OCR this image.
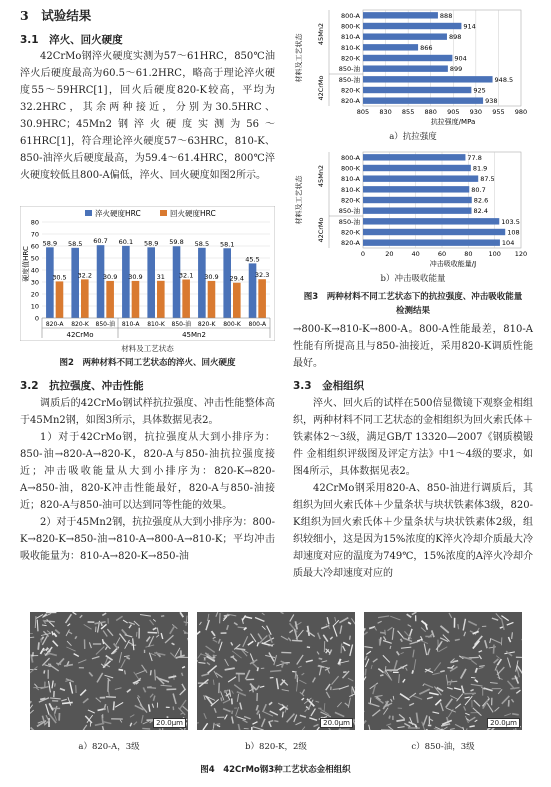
3　试验结果
3.1　淬火、回火硬度

42CrMo钢淬火硬度实测为57～61HRC，850℃油淬火后硬度最高为60.5～61.2HRC，略高于理论淬火硬度55～59HRC[1]，回火后硬度820-K较高，平均为32.2HRC，其余两种接近，分别为30.5HRC、30.9HRC；45Mn2钢淬火硬度实测为56～61HRC[1]，符合理论淬火硬度57～63HRC，810-K、850-油淬火后硬度最高，为59.4～61.4HRC，800℃淬火硬度较低且800-A偏低，淬火、回火硬度如图2所示。

0
10
20
30
40
50
60
70
80
58.9
30.5
820-A
58.5
32.2
820-K
60.7
30.9
850-油
60.1
30.9
810-A
58.9
31
810-K
59.8
32.1
850-油
58.5
30.9
820-K
58.1
29.4
800-K
45.5
32.3
800-A
淬火硬度HRC	回火硬度HRC
硬度值HRC
42CrMo	45Mn2
材料及工艺状态
图2　两种材料不同工艺状态的淬火、回火硬度
3.2　抗拉强度、冲击性能

调质后的42CrMo钢试样抗拉强度、冲击性能整体高于45Mn2钢，如图3所示，具体数据见表2。

1）对于42CrMo钢，抗拉强度从大到小排序为：850-油→820-A→820-K，820-A与850-油抗拉强度接近；冲击吸收能量从大到小排序为：820-K→820-A→850-油，820-K冲击性能最好，820-A与850-油接近；820-A与850-油可以达到同等性能的效果。

2）对于45Mn2钢，抗拉强度从大到小排序为：800-K→820-K→850-油→810-A→800-A→810-K；平均冲击吸收能量为：810-A→820-K→850-油

805 830 855 880 905 930 955 980
888
800-A
914
800-K
898
810-A
866
810-K
904
820-K
899
850-油
948.5
850-油
925
820-K
938
820-A
材料及工艺状态 45Mn2
42CrMo
抗拉强度/MPa
a）抗拉强度
0	20	40	60	80 100 120
77.8
800-A
81.9
800-K
87.5
810-A
80.7
810-K
82.6
820-K
82.4
850-油
103.5
850-油
108
820-K
104
820-A
材料及工艺状态 45Mn2
42CrMo
冲击吸收能量/J
b）冲击吸收能量
图3　两种材料不同工艺状态下的抗拉强度、冲击吸收能量
检测结果

→800-K→810-K→800-A。800-A性能最差，810-A性能有所提高且与850-油接近，采用820-K调质性能最好。

3.3　金相组织

淬火、回火后的试样在500倍显微镜下观察金相组织，两种材料不同工艺状态的金相组织为回火索氏体＋铁素体2～3级，满足GB/T 13320—2007《钢质模锻件 金相组织评级图及评定方法》中1～4级的要求，如图4所示，具体数据见表2。

42CrMo钢采用820-A、850-油进行调质后，其组织为回火索氏体＋少量条状与块状铁素体3级，820-K组织为回火索氏体＋少量条状与块状铁素体2级，组织较细小，这是因为15%浓度的K淬火冷却介质最大冷却速度对应的温度为749℃，15%浓度的A淬火冷却介质最大冷却速度对应的

20.0μm	20.0μm	20.0μm
a）820-A，3级	b）820-K，2级	c）850-油，3级
图4　42CrMo钢3种工艺状态金相组织
